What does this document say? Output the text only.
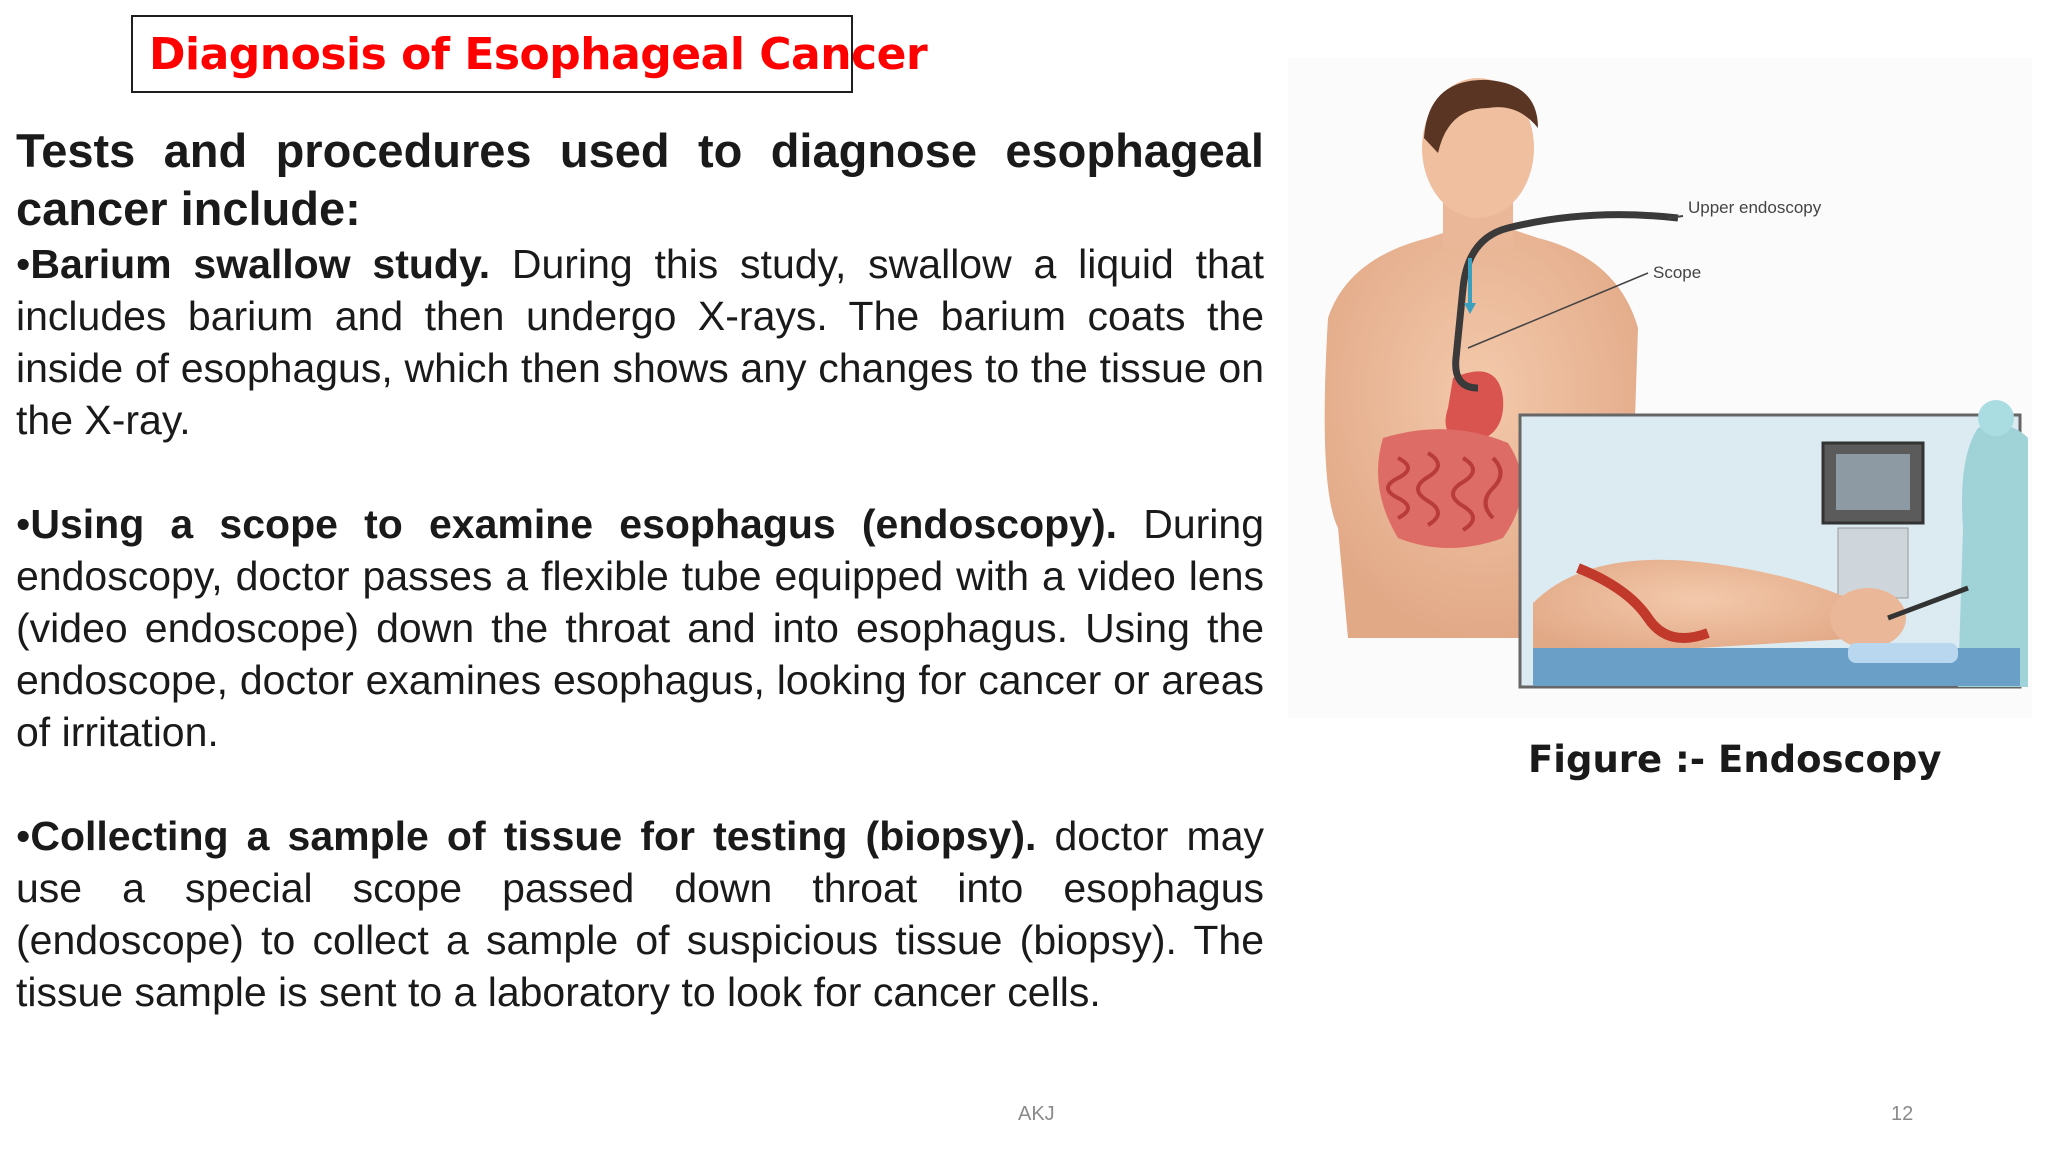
Diagnosis of Esophageal Cancer

Tests and procedures used to diagnose esophageal cancer include:

•Barium swallow study. During this study, swallow a liquid that includes barium and then undergo X-rays. The barium coats the inside of esophagus, which then shows any changes to the tissue on the X-ray.

•Using a scope to examine esophagus (endoscopy). During endoscopy, doctor passes a flexible tube equipped with a video lens (video endoscope) down the throat and into esophagus. Using the endoscope, doctor examines esophagus, looking for cancer or areas of irritation.

•Collecting a sample of tissue for testing (biopsy). doctor may use a special scope passed down throat into esophagus (endoscope) to collect a sample of suspicious tissue (biopsy). The tissue sample is sent to a laboratory to look for cancer cells.

Upper endoscopy
Scope
Figure :- Endoscopy
AKJ	12
